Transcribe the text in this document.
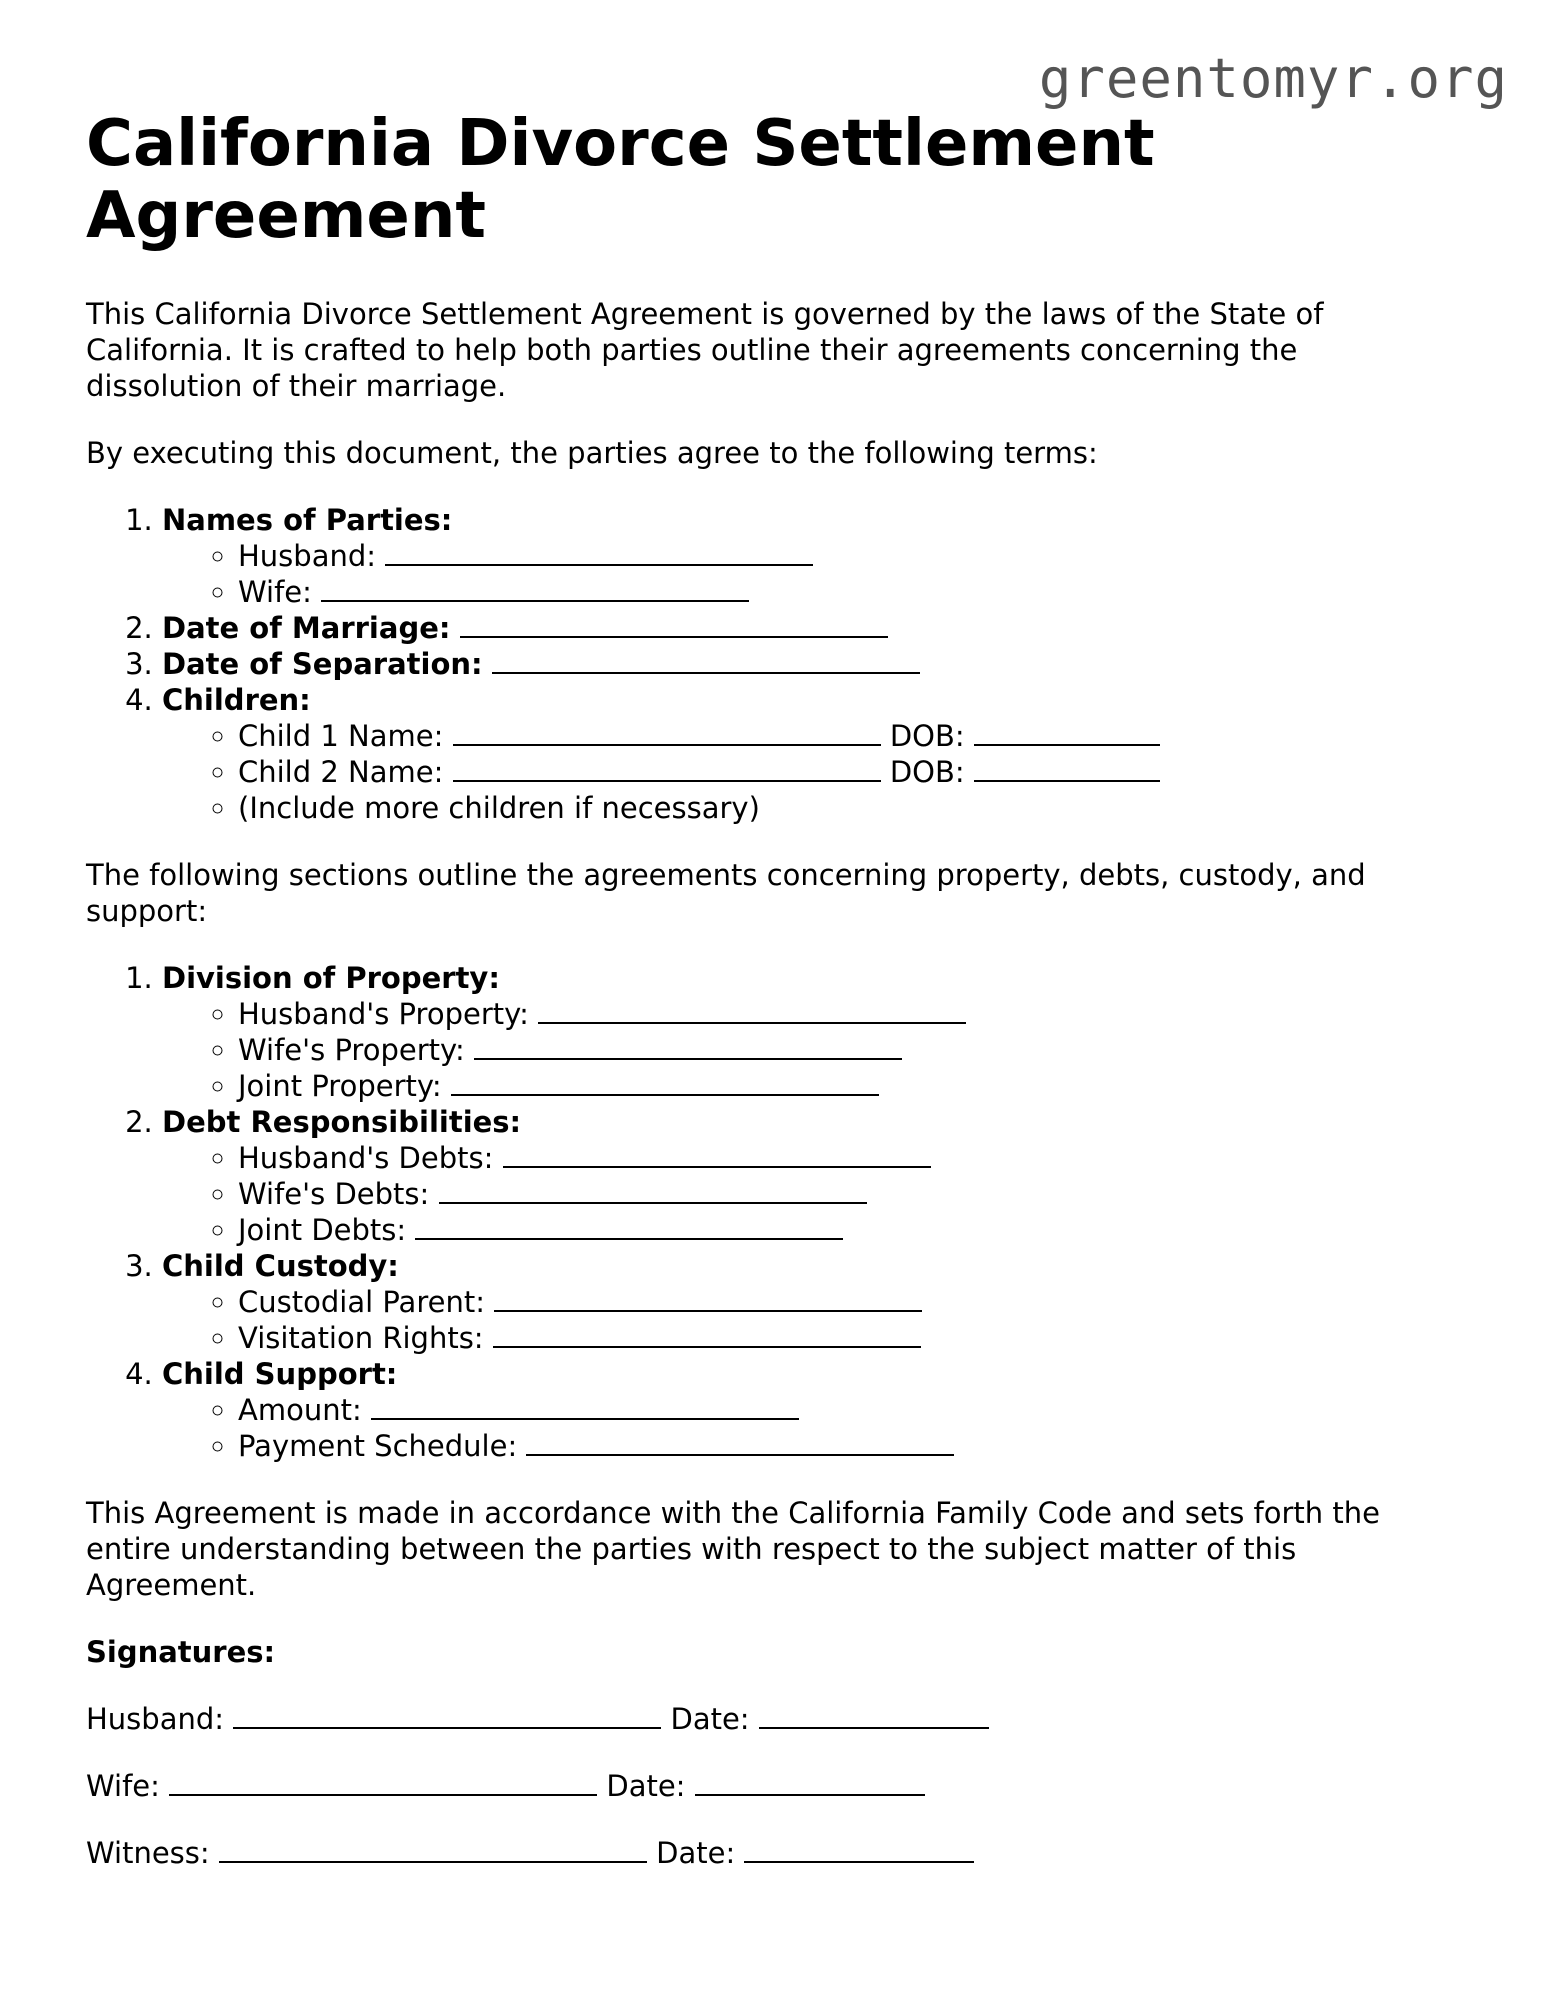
greentomyr.org
California Divorce Settlement Agreement

This California Divorce Settlement Agreement is governed by the laws of the State of California. It is crafted to help both parties outline their agreements concerning the dissolution of their marriage.

By executing this document, the parties agree to the following terms:

1. Names of Parties:
◦ Husband:
◦ Wife:
2. Date of Marriage:
3. Date of Separation:
4. Children:
◦ Child 1 Name:	DOB:
◦ Child 2 Name:	DOB:
◦ (Include more children if necessary)

The following sections outline the agreements concerning property, debts, custody, and support:

1. Division of Property:
◦ Husband's Property:
◦ Wife's Property:
◦ Joint Property:
2. Debt Responsibilities:
◦ Husband's Debts:
◦ Wife's Debts:
◦ Joint Debts:
3. Child Custody:
◦ Custodial Parent:
◦ Visitation Rights:
4. Child Support:
◦ Amount:
◦ Payment Schedule:

This Agreement is made in accordance with the California Family Code and sets forth the entire understanding between the parties with respect to the subject matter of this Agreement.

Signatures:
Husband:	Date:
Wife:	Date:
Witness:	Date:
